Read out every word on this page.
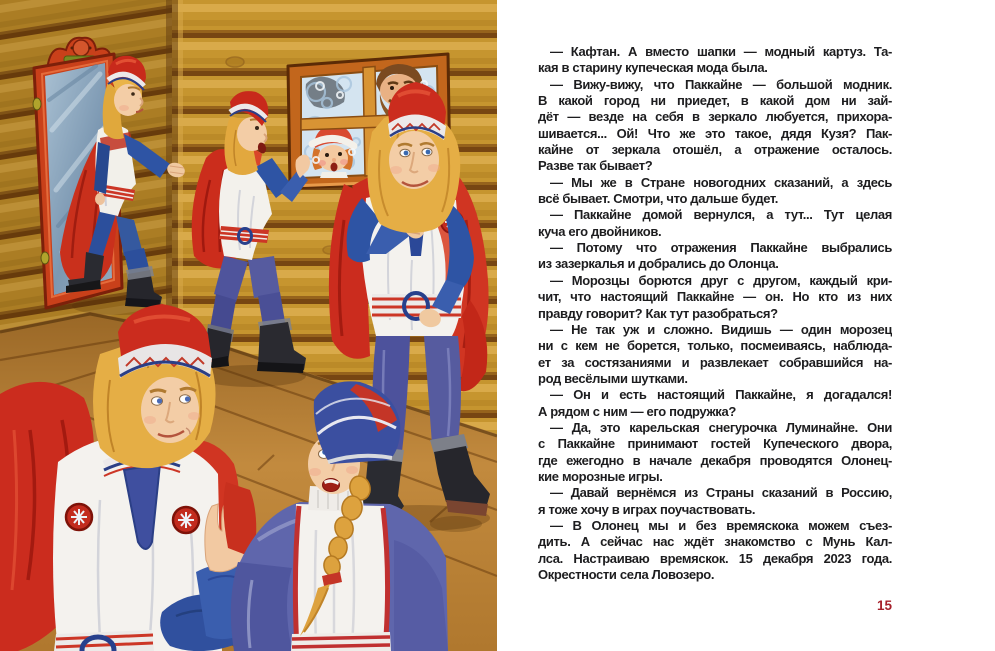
— Кафтан. А вместо шапки — модный картуз. Та-
кая в старину купеческая мода была.
— Вижу-вижу, что Паккайне — большой модник.
В какой город ни приедет, в какой дом ни зай-
дёт — везде на себя в зеркало любуется, прихора-
шивается... Ой! Что же это такое, дядя Кузя? Пак-
кайне от зеркала отошёл, а отражение осталось.
Разве так бывает?
— Мы же в Стране новогодних сказаний, а здесь
всё бывает. Смотри, что дальше будет.
— Паккайне домой вернулся, а тут... Тут целая
куча его двойников.
— Потому что отражения Паккайне выбрались
из зазеркалья и добрались до Олонца.
— Морозцы борются друг с другом, каждый кри-
чит, что настоящий Паккайне — он. Но кто из них
правду говорит? Как тут разобраться?
— Не так уж и сложно. Видишь — один морозец
ни с кем не борется, только, посмеиваясь, наблюда-
ет за состязаниями и развлекает собравшийся на-
род весёлыми шутками.
— Он и есть настоящий Паккайне, я догадался!
А рядом с ним — его подружка?
— Да, это карельская снегурочка Луминайне. Они
с Паккайне принимают гостей Купеческого двора,
где ежегодно в начале декабря проводятся Олонец-
кие морозные игры.
— Давай вернёмся из Страны сказаний в Россию,
я тоже хочу в играх поучаствовать.
— В Олонец мы и без времяскока можем съез-
дить. А сейчас нас ждёт знакомство с Мунь Кал-
лса. Настраиваю времяскок. 15 декабря 2023 года.
Окрестности села Ловозеро.
15
